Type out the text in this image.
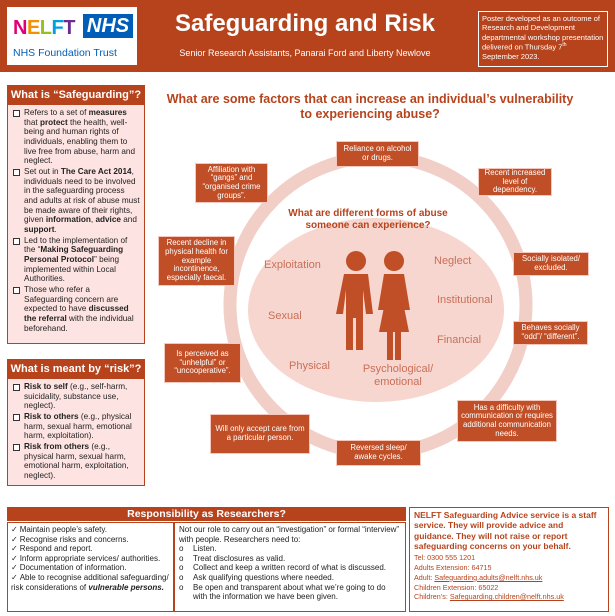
NELFT NHS
NHS Foundation Trust
Safeguarding and Risk
Senior Research Assistants, Panarai Ford and Liberty Newlove
Poster developed as an outcome of Research and Development departmental workshop presentation delivered on Thursday 7th September 2023.
What is “Safeguarding”?
Refers to a set of measures that protect the health, well-being and human rights of individuals, enabling them to live free from abuse, harm and neglect.
Set out in The Care Act 2014, individuals need to be involved in the safeguarding process and adults at risk of abuse must be made aware of their rights, given information, advice and support.
Led to the implementation of the “Making Safeguarding Personal Protocol” being implemented within Local Authorities.
Those who refer a Safeguarding concern are expected to have discussed the referral with the individual beforehand.
What is meant by “risk”?
Risk to self (e.g., self-harm, suicidality, substance use, neglect).
Risk to others (e.g., physical harm, sexual harm, emotional harm, exploitation).
Risk from others (e.g., physical harm, sexual harm, emotional harm, exploitation, neglect).
What are some factors that can increase an individual’s vulnerability to experiencing abuse?
What are different forms of abuse someone can experience?
Exploitation	Neglect
Institutional
Sexual
Financial
Physical	Psychological/ emotional
Reliance on alcohol or drugs.
Recent increased level of dependency.
Socially isolated/ excluded.
Behaves socially “odd”/ “different”.
Has a difficulty with communication or requires additional communication needs.
Reversed sleep/ awake cycles.
Will only accept care from a particular person.
Is perceived as “unhelpful” or “uncooperative”.
Recent decline in physical health for example incontinence, especially faecal.
Affiliation with “gangs” and “organised crime groups”.
Responsibility as Researchers?
✓ Maintain people’s safety.
✓ Recognise risks and concerns.
✓ Respond and report.
✓ Inform appropriate services/ authorities.
✓ Documentation of information.
✓ Able to recognise additional safeguarding/ risk considerations of vulnerable persons.
Not our role to carry out an “investigation” or formal “interview” with people. Researchers need to:
o Listen.
o Treat disclosures as valid.
o Collect and keep a written record of what is discussed.
o Ask qualifying questions where needed.
o	Be open and transparent about what we’re going to do with the information we have been given.
NELFT Safeguarding Advice service is a staff service. They will provide advice and guidance. They will not raise or report safeguarding concerns on your behalf.
Tel: 0300 555 1201
Adults Extension: 64715
Adult: Safeguarding.adults@nelft.nhs.uk
Children Extension: 65022
Children’s: Safeguarding.children@nelft.nhs.uk
